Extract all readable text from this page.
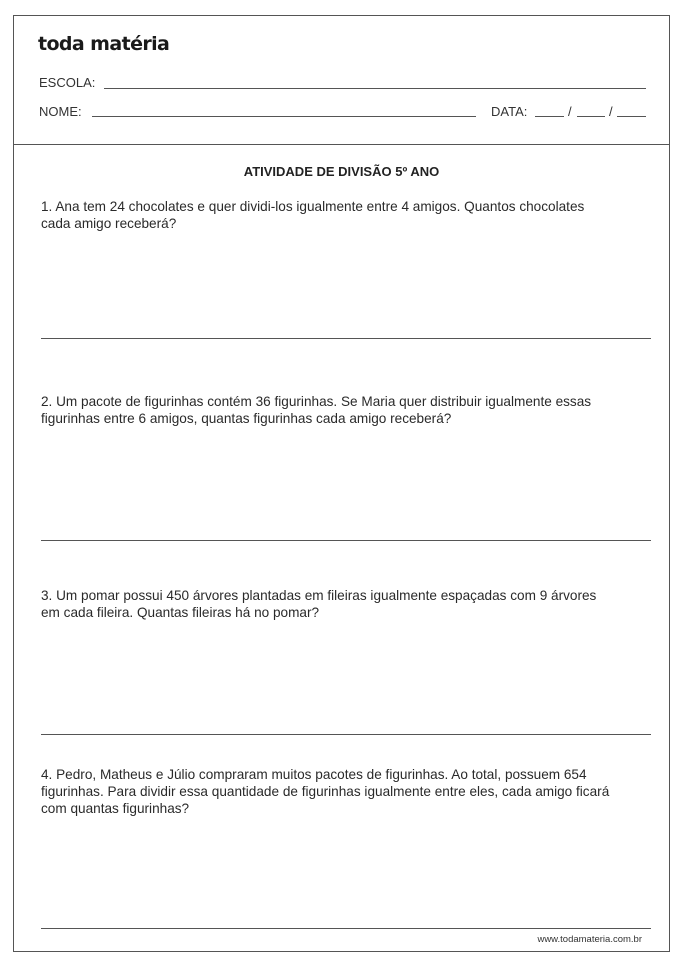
toda matéria
ESCOLA:
NOME:	DATA:	/	/
ATIVIDADE DE DIVISÃO 5º ANO
1. Ana tem 24 chocolates e quer dividi-los igualmente entre 4 amigos. Quantos chocolates
cada amigo receberá?
2. Um pacote de figurinhas contém 36 figurinhas. Se Maria quer distribuir igualmente essas
figurinhas entre 6 amigos, quantas figurinhas cada amigo receberá?
3. Um pomar possui 450 árvores plantadas em fileiras igualmente espaçadas com 9 árvores
em cada fileira. Quantas fileiras há no pomar?
4. Pedro, Matheus e Júlio compraram muitos pacotes de figurinhas. Ao total, possuem 654
figurinhas. Para dividir essa quantidade de figurinhas igualmente entre eles, cada amigo ficará
com quantas figurinhas?
www.todamateria.com.br
